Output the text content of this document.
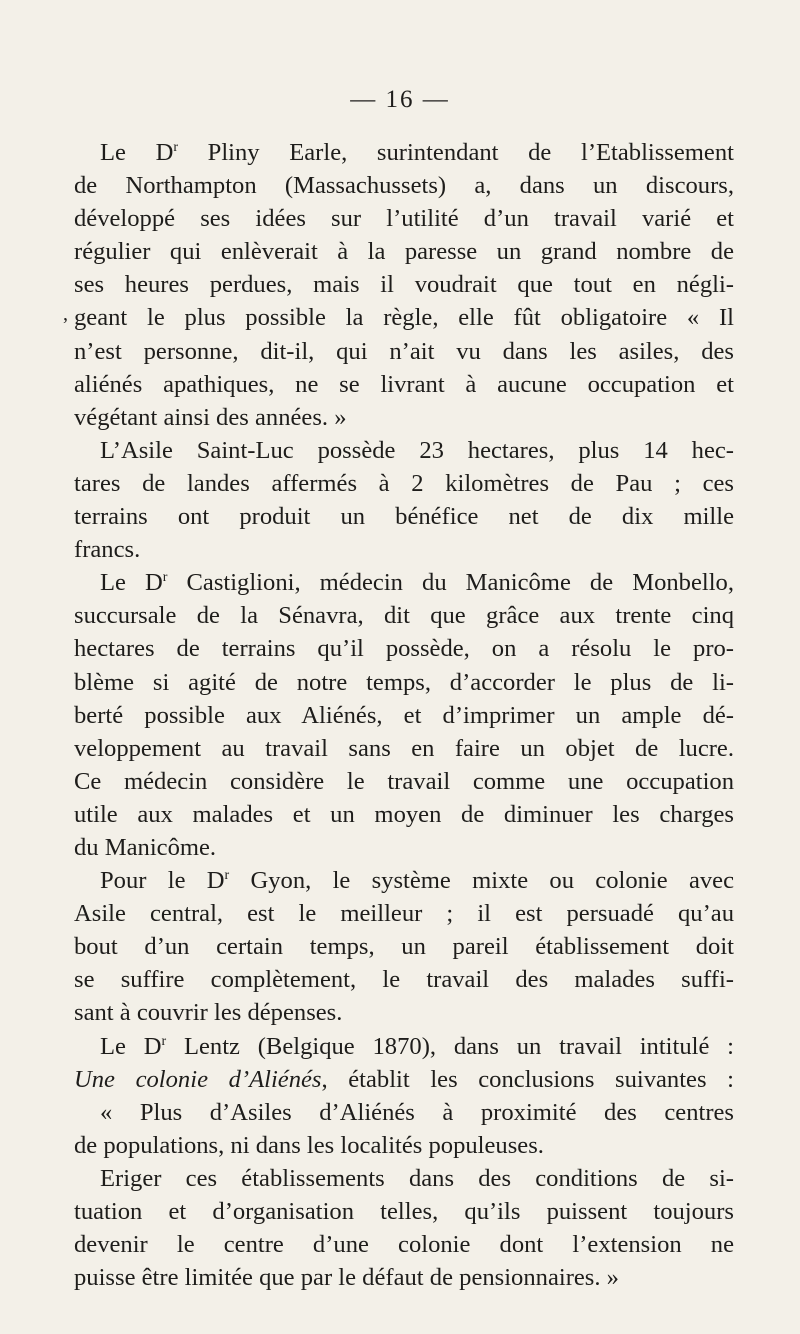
— 16 —
,
Le $D^r$ Pliny Earle, surintendant de l’Etablissement
de Northampton (Massachussets) a, dans un discours,
développé ses idées sur l’utilité d’un travail varié et
régulier qui enlèverait à la paresse un grand nombre de
ses heures perdues, mais il voudrait que tout en négli-
geant le plus possible la règle, elle fût obligatoire « Il
n’est personne, dit-il, qui n’ait vu dans les asiles, des
aliénés apathiques, ne se livrant à aucune occupation et
végétant ainsi des années. »
L’Asile Saint-Luc possède 23 hectares, plus 14 hec-
tares de landes affermés à 2 kilomètres de Pau ; ces
terrains ont produit un bénéfice net de dix mille
francs.
Le $D^r$ Castiglioni, médecin du Manicôme de Monbello,
succursale de la Sénavra, dit que grâce aux trente cinq
hectares de terrains qu’il possède, on a résolu le pro-
blème si agité de notre temps, d’accorder le plus de li-
berté possible aux Aliénés, et d’imprimer un ample dé-
veloppement au travail sans en faire un objet de lucre.
Ce médecin considère le travail comme une occupation
utile aux malades et un moyen de diminuer les charges
du Manicôme.
Pour le $D^r$ Gyon, le système mixte ou colonie avec
Asile central, est le meilleur ; il est persuadé qu’au
bout d’un certain temps, un pareil établissement doit
se suffire complètement, le travail des malades suffi-
sant à couvrir les dépenses.
Le $D^r$ Lentz (Belgique 1870), dans un travail intitulé :
Une colonie d’Aliénés, établit les conclusions suivantes :
« Plus d’Asiles d’Aliénés à proximité des centres
de populations, ni dans les localités populeuses.
Eriger ces établissements dans des conditions de si-
tuation et d’organisation telles, qu’ils puissent toujours
devenir le centre d’une colonie dont l’extension ne
puisse être limitée que par le défaut de pensionnaires. »
